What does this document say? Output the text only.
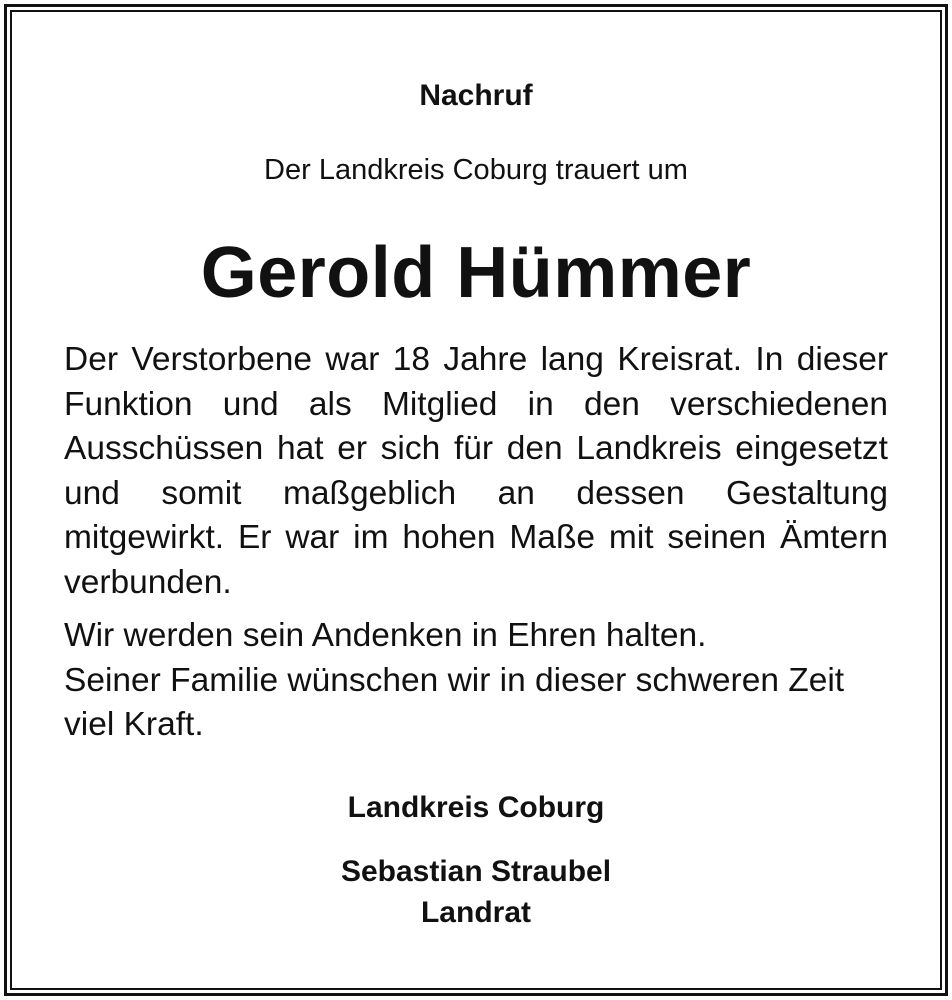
Nachruf
Der Landkreis Coburg trauert um
Gerold Hümmer

Der Verstorbene war 18 Jahre lang Kreisrat. In dieser Funktion und als Mitglied in den verschiedenen Ausschüssen hat er sich für den Landkreis eingesetzt und somit maßgeblich an dessen Gestaltung mitgewirkt. Er war im hohen Maße mit seinen Ämtern verbunden.

Wir werden sein Andenken in Ehren halten.
Seiner Familie wünschen wir in dieser schweren Zeit viel Kraft.

Landkreis Coburg
Sebastian Straubel
Landrat
